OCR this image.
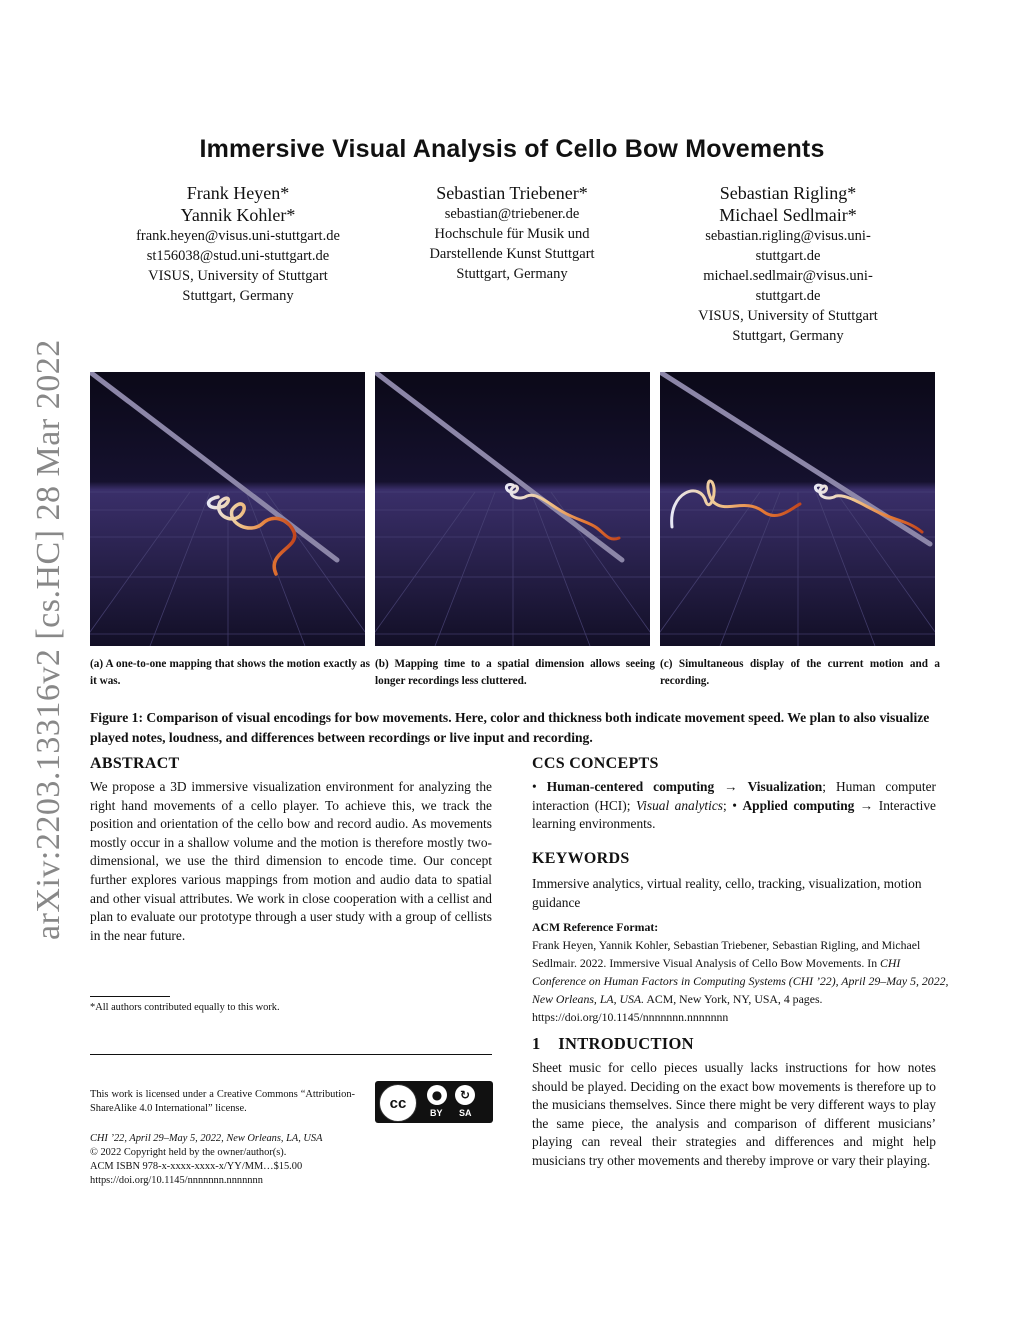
arXiv:2203.13316v2 [cs.HC] 28 Mar 2022
Immersive Visual Analysis of Cello Bow Movements
Frank Heyen*
Yannik Kohler*
frank.heyen@visus.uni-stuttgart.de
st156038@stud.uni-stuttgart.de
VISUS, University of Stuttgart
Stuttgart, Germany
Sebastian Triebener*
sebastian@triebener.de
Hochschule für Musik und
Darstellende Kunst Stuttgart
Stuttgart, Germany
Sebastian Rigling*
Michael Sedlmair*
sebastian.rigling@visus.uni-
stuttgart.de
michael.sedlmair@visus.uni-
stuttgart.de
VISUS, University of Stuttgart
Stuttgart, Germany
(a) A one-to-one mapping that shows the motion exactly as it was.
(b) Mapping time to a spatial dimension allows seeing longer recordings less cluttered.
(c) Simultaneous display of the current motion and a recording.
Figure 1: Comparison of visual encodings for bow movements. Here, color and thickness both indicate movement speed. We plan to also visualize played notes, loudness, and differences between recordings or live input and recording.
ABSTRACT
We propose a 3D immersive visualization environment for analyzing the right hand movements of a cello player. To achieve this, we track the position and orientation of the cello bow and record audio. As movements mostly occur in a shallow volume and the motion is therefore mostly two-dimensional, we use the third dimension to encode time. Our concept further explores various mappings from motion and audio data to spatial and other visual attributes. We work in close cooperation with a cellist and plan to evaluate our prototype through a user study with a group of cellists in the near future.
*All authors contributed equally to this work.
This work is licensed under a Creative Commons “Attribution-ShareAlike 4.0 International” license.	cc	●	↻
BY SA
CHI ’22, April 29–May 5, 2022, New Orleans, LA, USA
© 2022 Copyright held by the owner/author(s).
ACM ISBN 978-x-xxxx-xxxx-x/YY/MM…$15.00
https://doi.org/10.1145/nnnnnnn.nnnnnnn
CCS CONCEPTS
• Human-centered computing → Visualization; Human computer interaction (HCI); Visual analytics; • Applied computing → Interactive learning environments.
KEYWORDS
Immersive analytics, virtual reality, cello, tracking, visualization, motion guidance
ACM Reference Format:
Frank Heyen, Yannik Kohler, Sebastian Triebener, Sebastian Rigling, and Michael Sedlmair. 2022. Immersive Visual Analysis of Cello Bow Movements. In CHI Conference on Human Factors in Computing Systems (CHI ’22), April 29–May 5, 2022, New Orleans, LA, USA. ACM, New York, NY, USA, 4 pages. https://doi.org/10.1145/nnnnnnn.nnnnnnn
1 INTRODUCTION
Sheet music for cello pieces usually lacks instructions for how notes should be played. Deciding on the exact bow movements is therefore up to the musicians themselves. Since there might be very different ways to play the same piece, the analysis and comparison of different musicians’ playing can reveal their strategies and differences and might help musicians try other movements and thereby improve or vary their playing.
